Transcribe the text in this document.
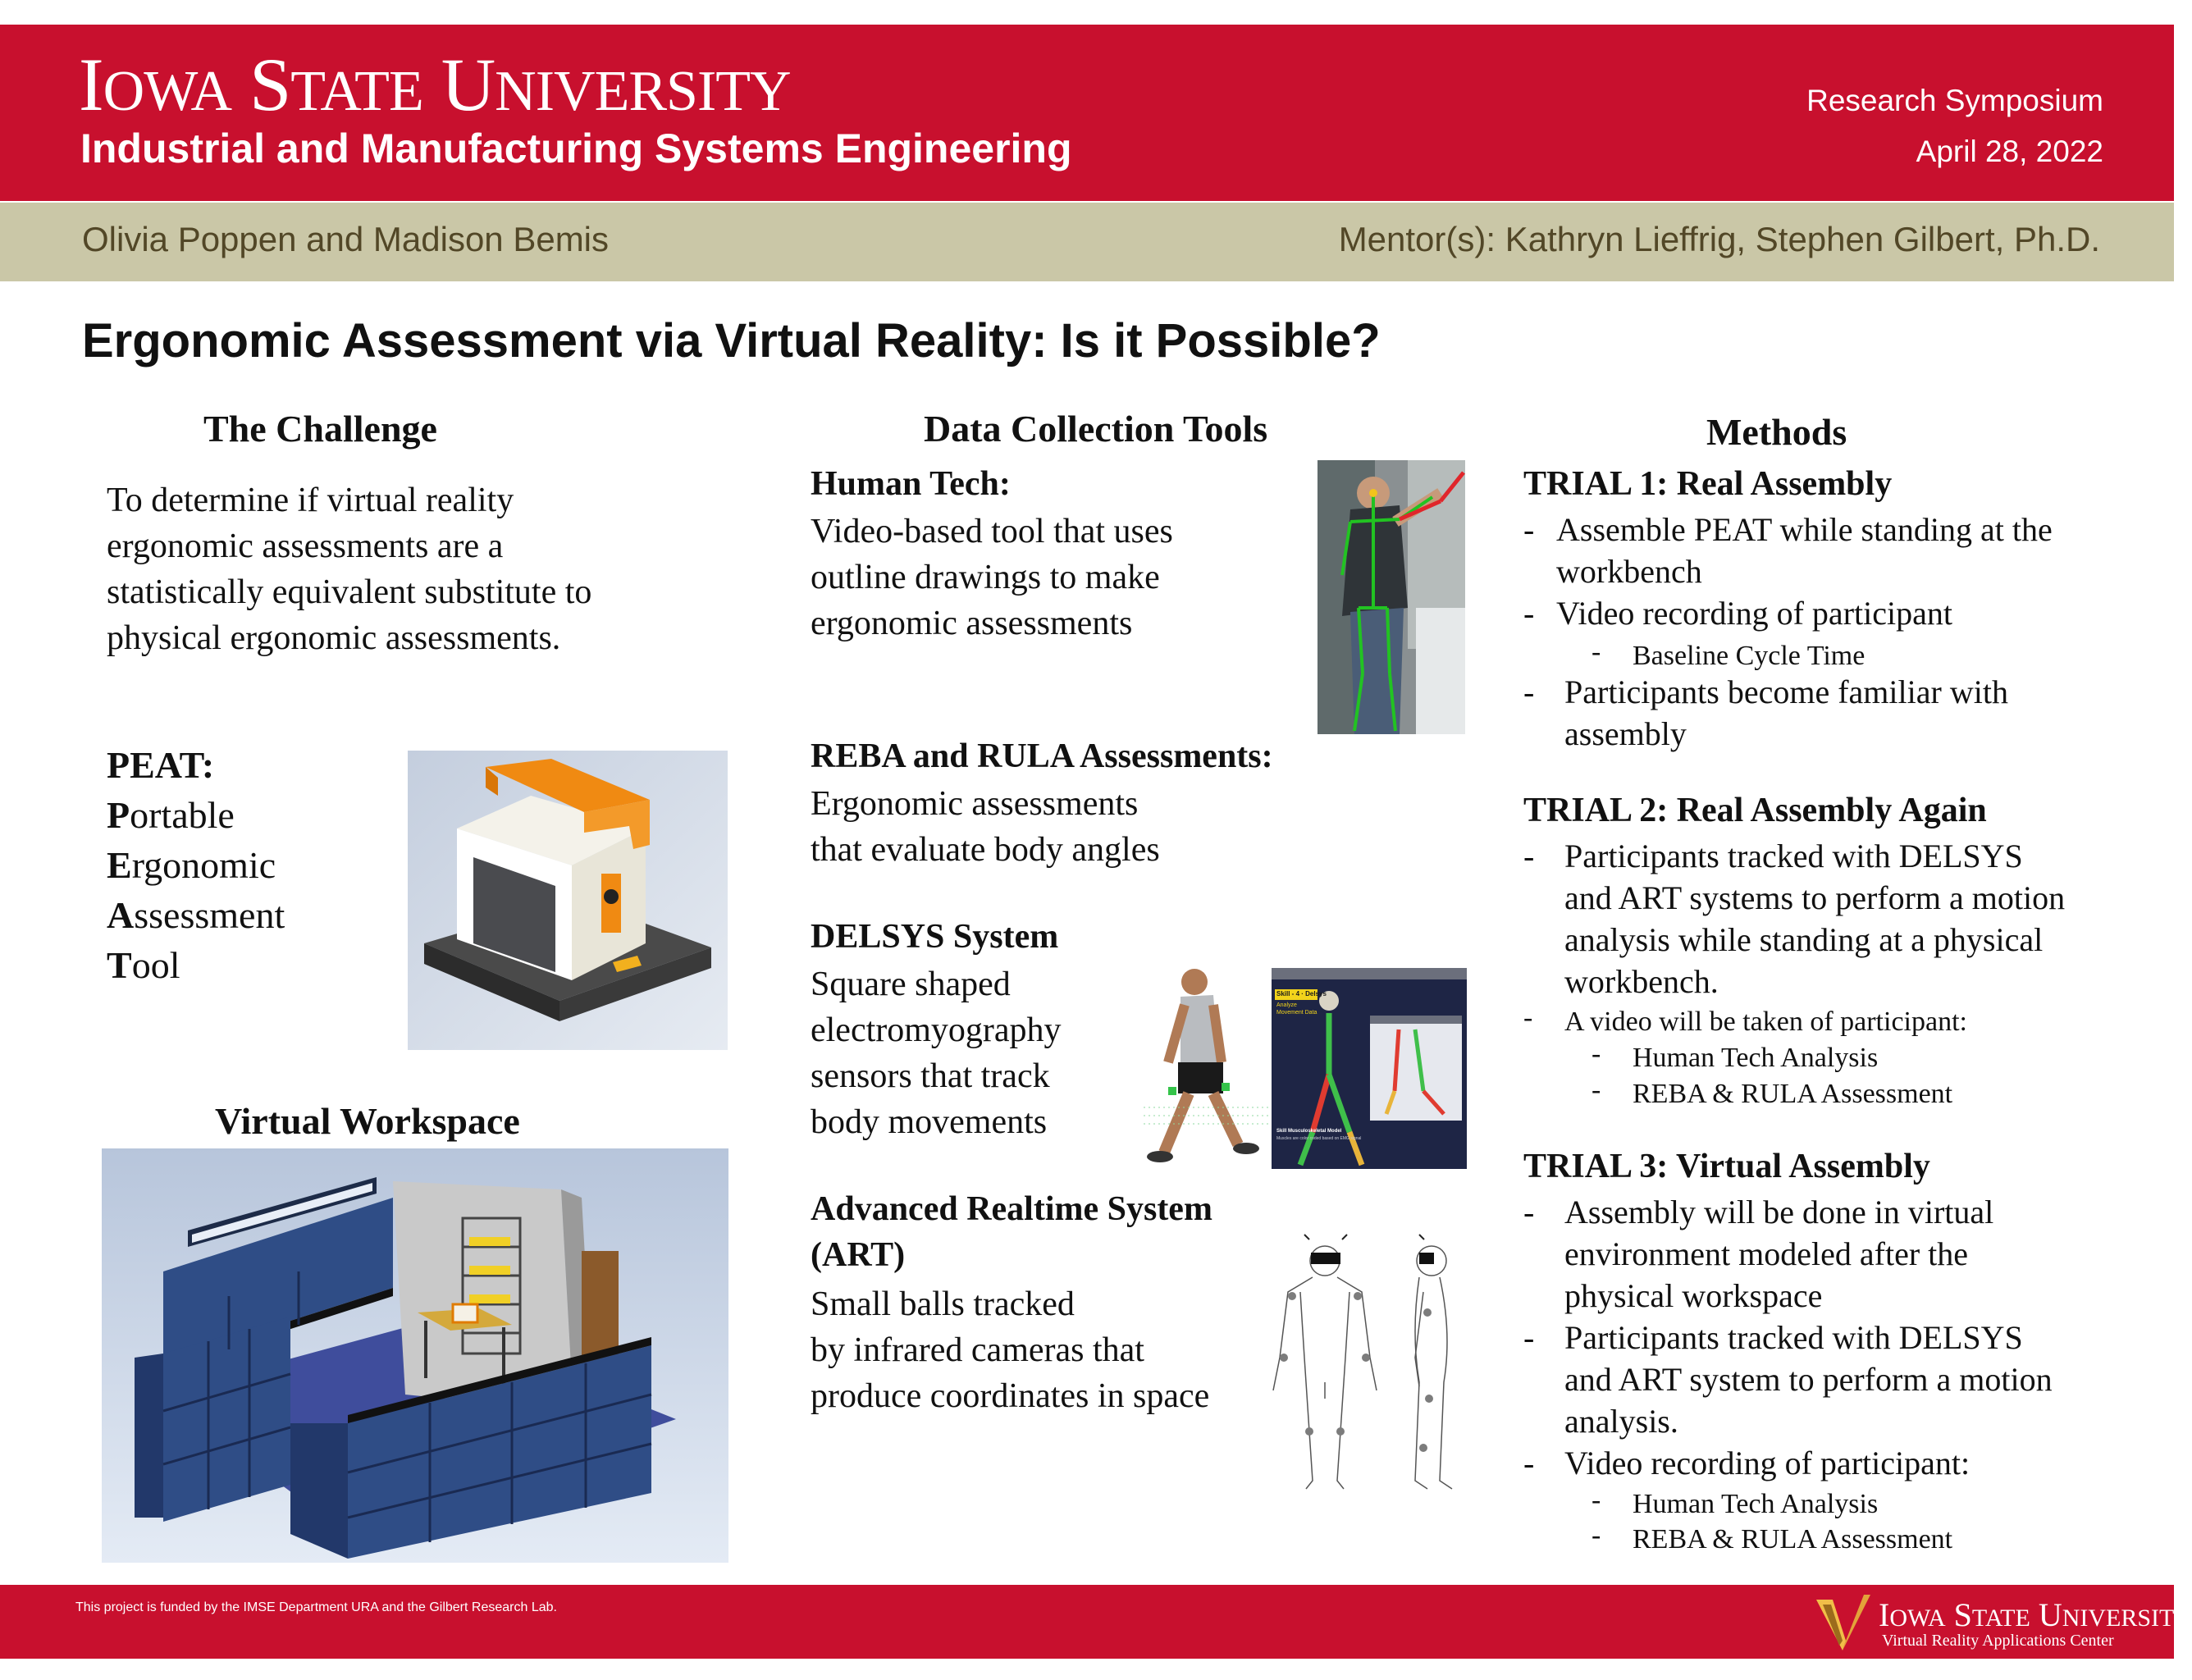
IOWA STATE UNIVERSITY
Industrial and Manufacturing Systems Engineering
Research Symposium
April 28, 2022
Olivia Poppen and Madison Bemis	Mentor(s): Kathryn Lieffrig, Stephen Gilbert, Ph.D.
Ergonomic Assessment via Virtual Reality: Is it Possible?
The Challenge
To determine if virtual reality
ergonomic assessments are a
statistically equivalent substitute to
physical ergonomic assessments.
PEAT:
Portable
Ergonomic
Assessment
Tool
Virtual Workspace
Data Collection Tools
Human Tech:
Video-based tool that uses
outline drawings to make
ergonomic assessments
REBA and RULA Assessments:
Ergonomic assessments
that evaluate body angles
DELSYS System
Square shaped
electromyography
sensors that track
body movements
Skill - 4 · Delsys
Analyze
Movement Data
Skill Musculoskeletal Model
Muscles are color coded based on EMG signal
Advanced Realtime System
(ART)
Small balls tracked
by infrared cameras that
produce coordinates in space
Methods
TRIAL 1: Real Assembly
- Assemble PEAT while standing at the
workbench
- Video recording of participant
- Baseline Cycle Time
- Participants become familiar with
assembly
TRIAL 2: Real Assembly Again
- Participants tracked with DELSYS
and ART systems to perform a motion
analysis while standing at a physical
workbench.
- A video will be taken of participant:
- Human Tech Analysis
- REBA & RULA Assessment
TRIAL 3: Virtual Assembly
- Assembly will be done in virtual
environment modeled after the
physical workspace
- Participants tracked with DELSYS
and ART system to perform a motion
analysis.
- Video recording of participant:
- Human Tech Analysis
- REBA & RULA Assessment
This project is funded by the IMSE Department URA and the Gilbert Research Lab.	IOWA STATE UNIVERSITY
Virtual Reality Applications Center
